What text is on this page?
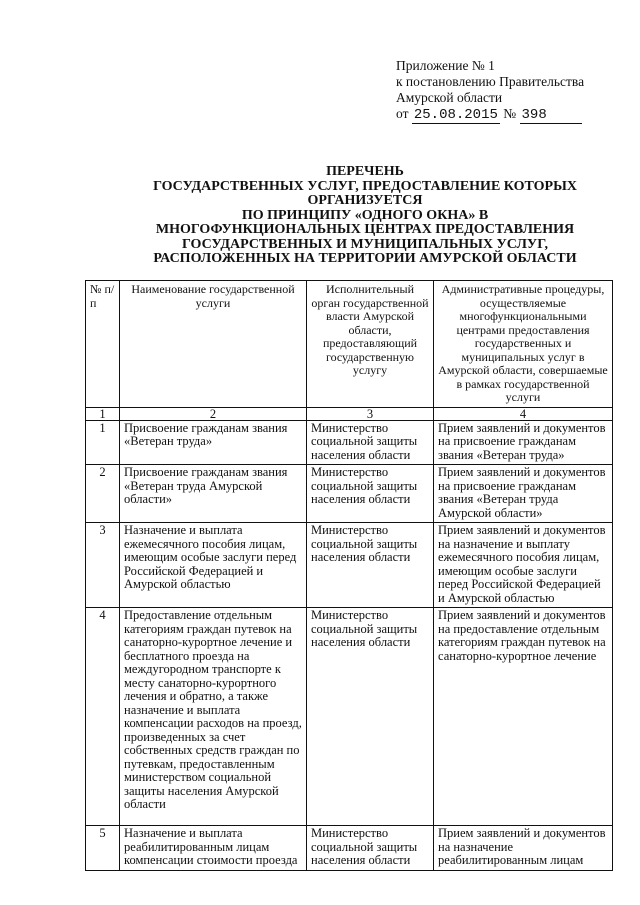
Приложение № 1
к постановлению Правительства
Амурской области
от 25.08.2015 № 398
ПЕРЕЧЕНЬ
ГОСУДАРСТВЕННЫХ УСЛУГ, ПРЕДОСТАВЛЕНИЕ КОТОРЫХ
ОРГАНИЗУЕТСЯ
ПО ПРИНЦИПУ «ОДНОГО ОКНА» В
МНОГОФУНКЦИОНАЛЬНЫХ ЦЕНТРАХ ПРЕДОСТАВЛЕНИЯ
ГОСУДАРСТВЕННЫХ И МУНИЦИПАЛЬНЫХ УСЛУГ,
РАСПОЛОЖЕННЫХ НА ТЕРРИТОРИИ АМУРСКОЙ ОБЛАСТИ
№ п/п	Наименование государственной услуги	Исполнительный орган государственной власти Амурской области, предоставляющий государственную услугу	Административные процедуры, осуществляемые многофункциональными центрами предоставления государственных и муниципальных услуг в Амурской области, совершаемые в рамках государственной услуги
1	2	3	4
1	Присвоение гражданам звания «Ветеран труда»	Министерство социальной защиты населения области	Прием заявлений и документов на присвоение гражданам звания «Ветеран труда»
2	Присвоение гражданам звания «Ветеран труда Амурской области»	Министерство социальной защиты населения области	Прием заявлений и документов на присвоение гражданам звания «Ветеран труда Амурской области»
3	Назначение и выплата ежемесячного пособия лицам, имеющим особые заслуги перед Российской Федерацией и Амурской областью	Министерство социальной защиты населения области	Прием заявлений и документов на назначение и выплату ежемесячного пособия лицам, имеющим особые заслуги перед Российской Федерацией и Амурской областью
4	Предоставление отдельным категориям граждан путевок на санаторно-курортное лечение и бесплатного проезда на междугородном транспорте к месту санаторно-курортного лечения и обратно, а также назначение и выплата компенсации расходов на проезд, произведенных за счет собственных средств граждан по путевкам, предоставленным министерством социальной защиты населения Амурской области	Министерство социальной защиты населения области	Прием заявлений и документов на предоставление отдельным категориям граждан путевок на санаторно-курортное лечение
5	Назначение и выплата реабилитированным лицам компенсации стоимости проезда	Министерство социальной защиты населения области	Прием заявлений и документов на назначение реабилитированным лицам
